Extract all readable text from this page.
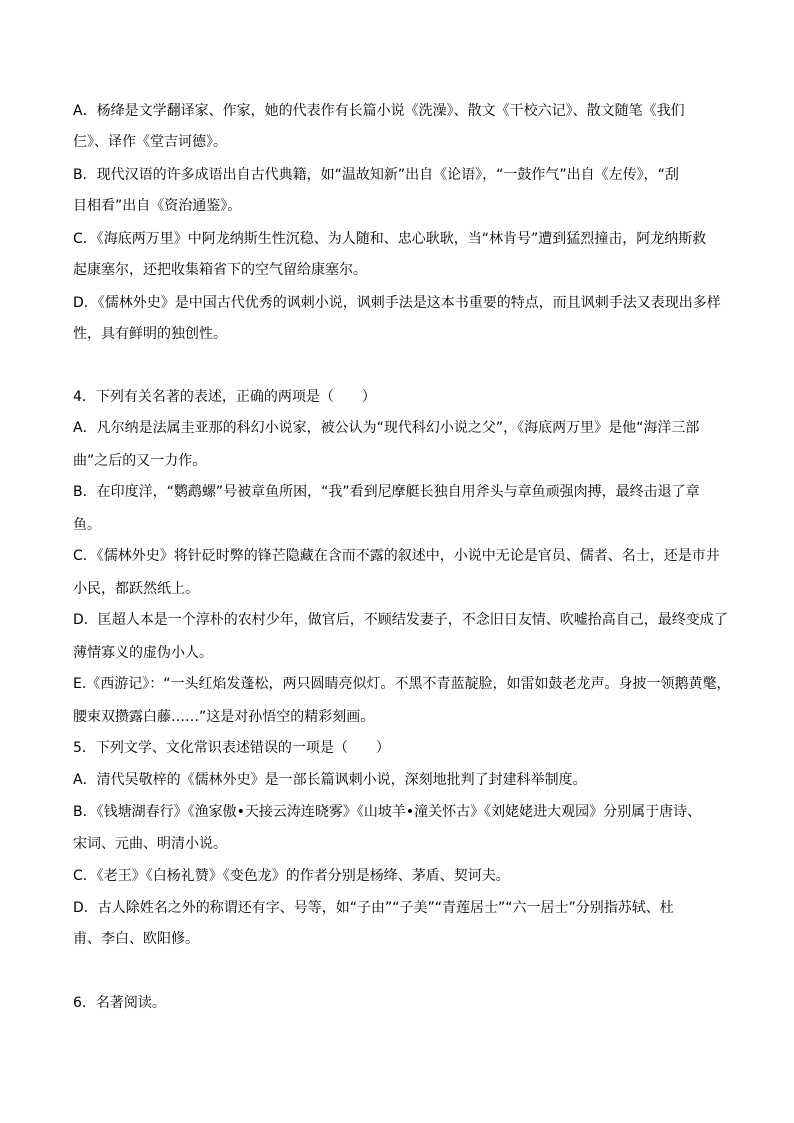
A．杨绛是文学翻译家、作家，她的代表作有长篇小说《洗澡》、散文《干校六记》、散文随笔《我们
仨》、译作《堂吉诃德》。
B．现代汉语的许多成语出自古代典籍，如“温故知新”出自《论语》，“一鼓作气”出自《左传》，“刮
目相看”出自《资治通鉴》。
C．《海底两万里》中阿龙纳斯生性沉稳、为人随和、忠心耿耿，当“林肯号”遭到猛烈撞击，阿龙纳斯救
起康塞尔，还把收集箱省下的空气留给康塞尔。
D．《儒林外史》是中国古代优秀的讽刺小说，讽刺手法是这本书重要的特点，而且讽刺手法又表现出多样
性，具有鲜明的独创性。
4．下列有关名著的表述，正确的两项是（　　）
A．凡尔纳是法属圭亚那的科幻小说家，被公认为“现代科幻小说之父”，《海底两万里》是他“海洋三部
曲”之后的又一力作。
B．在印度洋，“鹦鹉螺”号被章鱼所困，“我”看到尼摩艇长独自用斧头与章鱼顽强肉搏，最终击退了章
鱼。
C．《儒林外史》将针砭时弊的锋芒隐藏在含而不露的叙述中，小说中无论是官员、儒者、名士，还是市井
小民，都跃然纸上。
D．匡超人本是一个淳朴的农村少年，做官后，不顾结发妻子，不念旧日友情、吹嘘抬高自己，最终变成了
薄情寡义的虚伪小人。
E.《西游记》：“一头红焰发蓬松，两只圆睛亮似灯。不黑不青蓝靛脸，如雷如鼓老龙声。身披一领鹅黄氅，
腰束双攒露白藤……”这是对孙悟空的精彩刻画。
5．下列文学、文化常识表述错误的一项是（　　）
A．清代吴敬梓的《儒林外史》是一部长篇讽刺小说，深刻地批判了封建科举制度。
B．《钱塘湖春行》《渔家傲•天接云涛连晓雾》《山坡羊•潼关怀古》《刘姥姥进大观园》分别属于唐诗、
宋词、元曲、明清小说。
C．《老王》《白杨礼赞》《变色龙》的作者分别是杨绛、茅盾、契诃夫。
D．古人除姓名之外的称谓还有字、号等，如“子由”“子美”“青莲居士”“六一居士”分别指苏轼、杜
甫、李白、欧阳修。
6．名著阅读。
